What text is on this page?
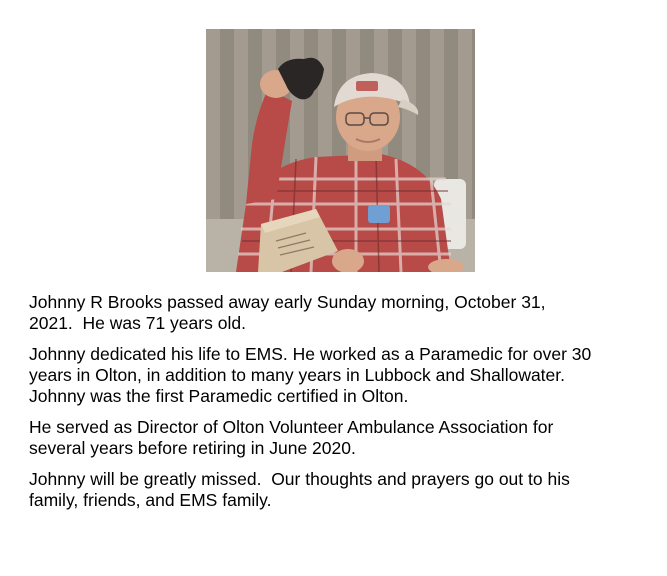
Johnny R Brooks passed away early Sunday morning, October 31,
2021.  He was 71 years old.

Johnny dedicated his life to EMS. He worked as a Paramedic for over 30
years in Olton, in addition to many years in Lubbock and Shallowater.
Johnny was the first Paramedic certified in Olton.

He served as Director of Olton Volunteer Ambulance Association for
several years before retiring in June 2020.

Johnny will be greatly missed.  Our thoughts and prayers go out to his
family, friends, and EMS family.
